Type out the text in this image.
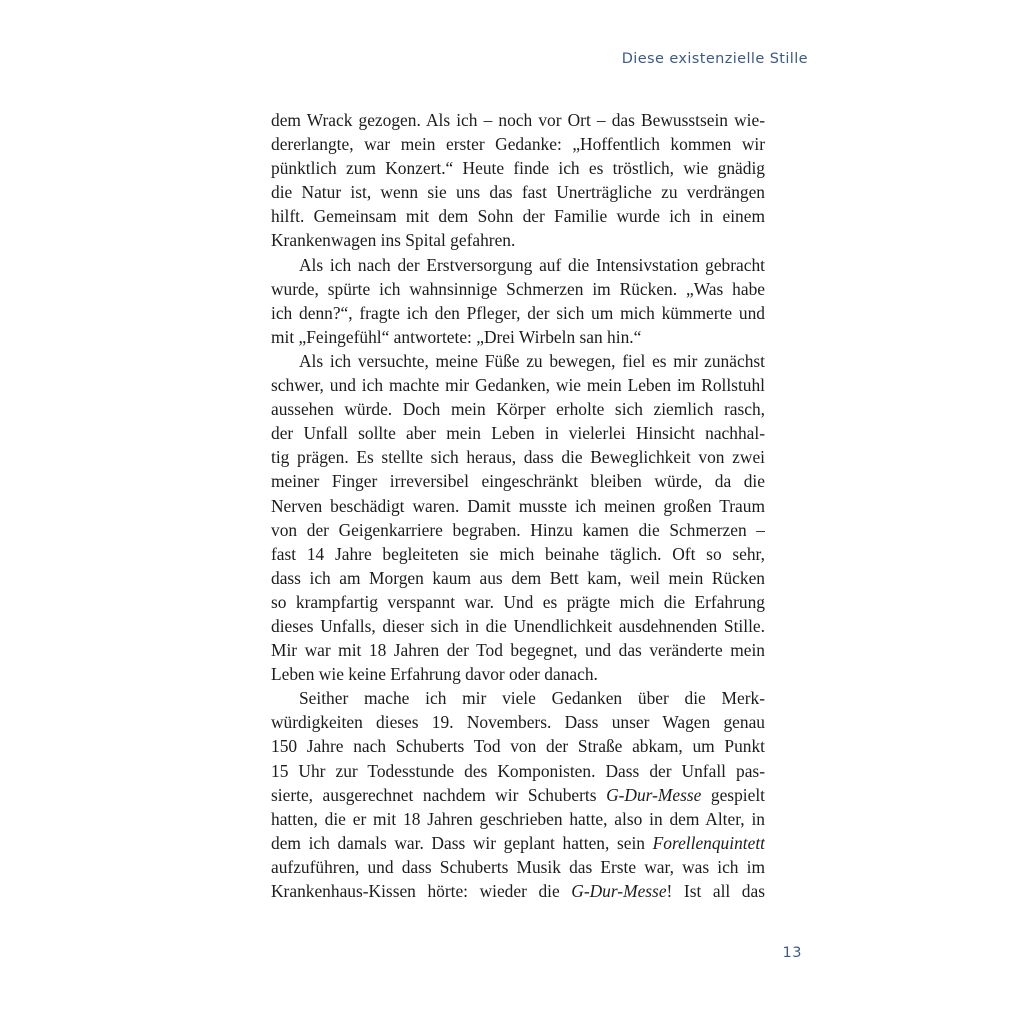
Diese existenzielle Stille
dem Wrack gezogen. Als ich – noch vor Ort – das Bewusstsein wie-
dererlangte, war mein erster Gedanke: „Hoffentlich kommen wir
pünktlich zum Konzert.“ Heute finde ich es tröstlich, wie gnädig
die Natur ist, wenn sie uns das fast Unerträgliche zu verdrängen
hilft. Gemeinsam mit dem Sohn der Familie wurde ich in einem
Krankenwagen ins Spital gefahren.
Als ich nach der Erstversorgung auf die Intensivstation gebracht
wurde, spürte ich wahnsinnige Schmerzen im Rücken. „Was habe
ich denn?“, fragte ich den Pfleger, der sich um mich kümmerte und
mit „Feingefühl“ antwortete: „Drei Wirbeln san hin.“
Als ich versuchte, meine Füße zu bewegen, fiel es mir zunächst
schwer, und ich machte mir Gedanken, wie mein Leben im Rollstuhl
aussehen würde. Doch mein Körper erholte sich ziemlich rasch,
der Unfall sollte aber mein Leben in vielerlei Hinsicht nachhal-
tig prägen. Es stellte sich heraus, dass die Beweglichkeit von zwei
meiner Finger irreversibel eingeschränkt bleiben würde, da die
Nerven beschädigt waren. Damit musste ich meinen großen Traum
von der Geigenkarriere begraben. Hinzu kamen die Schmerzen –
fast 14 Jahre begleiteten sie mich beinahe täglich. Oft so sehr,
dass ich am Morgen kaum aus dem Bett kam, weil mein Rücken
so krampfartig verspannt war. Und es prägte mich die Erfahrung
dieses Unfalls, dieser sich in die Unendlichkeit ausdehnenden Stille.
Mir war mit 18 Jahren der Tod begegnet, und das veränderte mein
Leben wie keine Erfahrung davor oder danach.
Seither mache ich mir viele Gedanken über die Merk-
würdigkeiten dieses 19. Novembers. Dass unser Wagen genau
150 Jahre nach Schuberts Tod von der Straße abkam, um Punkt
15 Uhr zur Todesstunde des Komponisten. Dass der Unfall pas-
sierte, ausgerechnet nachdem wir Schuberts G-Dur-Messe gespielt
hatten, die er mit 18 Jahren geschrieben hatte, also in dem Alter, in
dem ich damals war. Dass wir geplant hatten, sein Forellenquintett
aufzuführen, und dass Schuberts Musik das Erste war, was ich im
Krankenhaus-Kissen hörte: wieder die G-Dur-Messe! Ist all das
13
